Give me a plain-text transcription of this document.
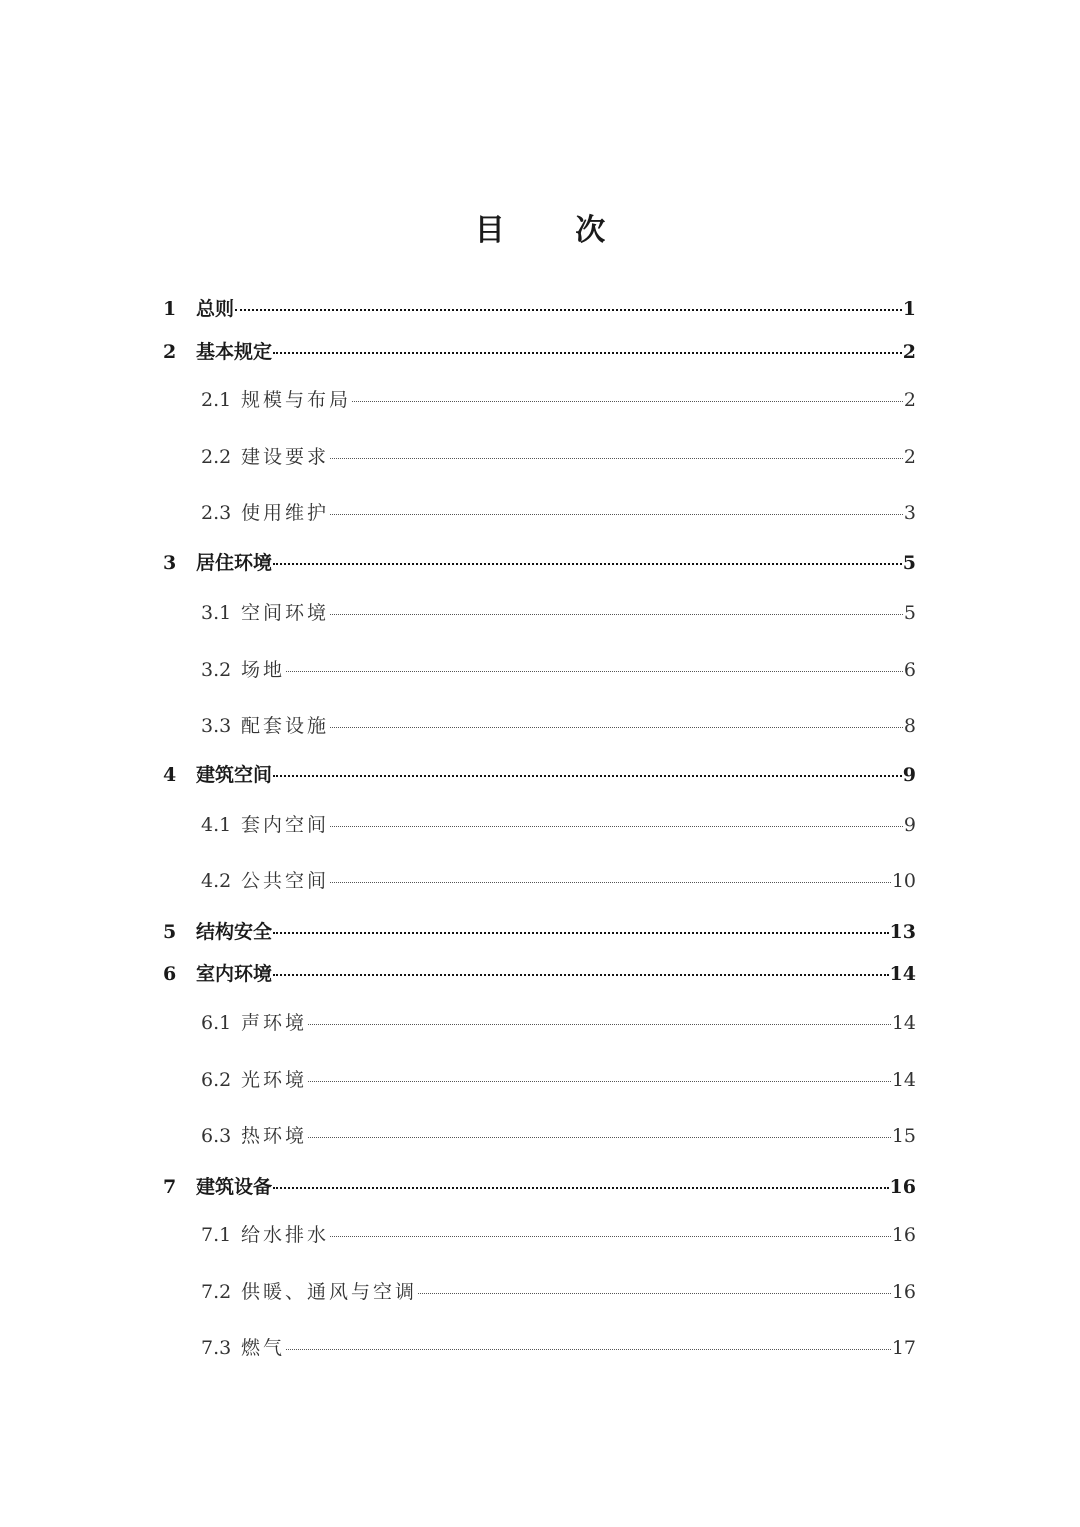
目 次
1	总则	1
2	基本规定	2
2.1 规模与布局	2
2.2 建设要求	2
2.3 使用维护	3
3	居住环境	5
3.1 空间环境	5
3.2 场地	6
3.3 配套设施	8
4	建筑空间	9
4.1 套内空间	9
4.2 公共空间	10
5	结构安全	13
6	室内环境	14
6.1 声环境	14
6.2 光环境	14
6.3 热环境	15
7	建筑设备	16
7.1 给水排水	16
7.2 供暖、通风与空调	16
7.3 燃气	17
